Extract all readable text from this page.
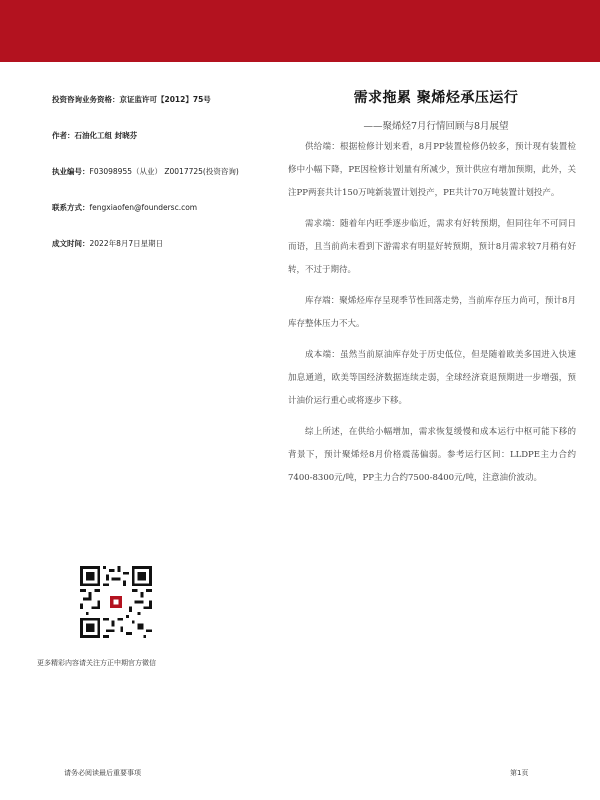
投资咨询业务资格：京证监许可【2012】75号
作者：石油化工组 封晓芬
执业编号：F03098955（从业） Z0017725(投资咨询)
联系方式：fengxiaofen@foundersc.com
成文时间：2022年8月7日星期日
需求拖累 聚烯烃承压运行
——聚烯烃7月行情回顾与8月展望

供给端：根据检修计划来看，8月PP装置检修仍较多，预计现有装置检修中小幅下降，PE因检修计划量有所减少，预计供应有增加预期，此外，关注PP两套共计150万吨新装置计划投产，PE共计70万吨装置计划投产。

需求端：随着年内旺季逐步临近，需求有好转预期，但同往年不可同日而语，且当前尚未看到下游需求有明显好转预期，预计8月需求较7月稍有好转，不过于期待。

库存端：聚烯烃库存呈现季节性回落走势，当前库存压力尚可，预计8月库存整体压力不大。

成本端：虽然当前原油库存处于历史低位，但是随着欧美多国进入快速加息通道，欧美等国经济数据连续走弱，全球经济衰退预期进一步增强，预计油价运行重心或将逐步下移。

综上所述，在供给小幅增加，需求恢复缓慢和成本运行中枢可能下移的背景下，预计聚烯烃8月价格震荡偏弱。参考运行区间：LLDPE主力合约7400-8300元/吨，PP主力合约7500-8400元/吨，注意油价波动。

更多精彩内容请关注方正中期官方微信
请务必阅读最后重要事项	第1页
